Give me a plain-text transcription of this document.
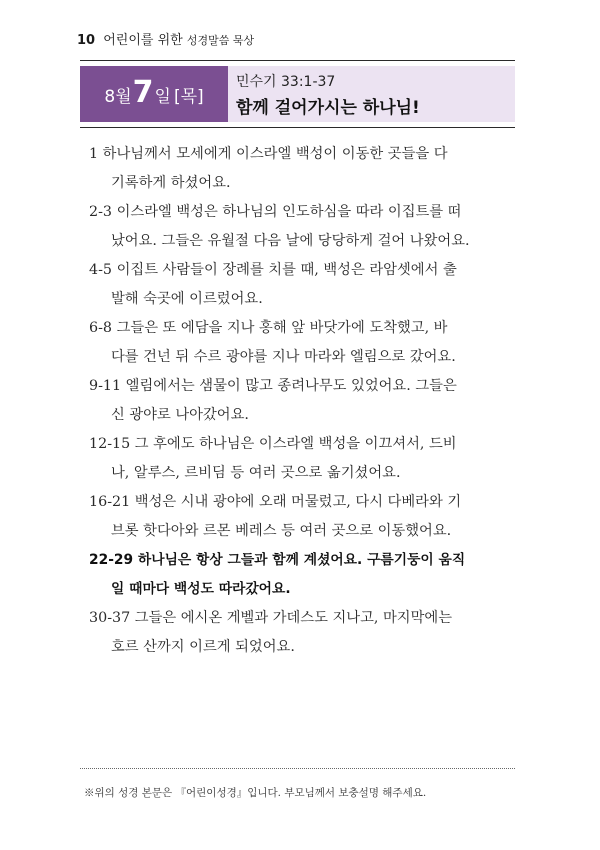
10 어린이를 위한 성경말씀 묵상
8월 7 일 [목]
민수기 33:1-37
함께 걸어가시는 하나님!
1 하나님께서 모세에게 이스라엘 백성이 이동한 곳들을 다
기록하게 하셨어요.
2-3 이스라엘 백성은 하나님의 인도하심을 따라 이집트를 떠
났어요. 그들은 유월절 다음 날에 당당하게 걸어 나왔어요.
4-5 이집트 사람들이 장례를 치를 때, 백성은 라암셋에서 출
발해 숙곳에 이르렀어요.
6-8 그들은 또 에담을 지나 홍해 앞 바닷가에 도착했고, 바
다를 건넌 뒤 수르 광야를 지나 마라와 엘림으로 갔어요.
9-11 엘림에서는 샘물이 많고 종려나무도 있었어요. 그들은
신 광야로 나아갔어요.
12-15 그 후에도 하나님은 이스라엘 백성을 이끄셔서, 드비
나, 알루스, 르비딤 등 여러 곳으로 옮기셨어요.
16-21 백성은 시내 광야에 오래 머물렀고, 다시 다베라와 기
브롯 핫다아와 르몬 베레스 등 여러 곳으로 이동했어요.
22-29 하나님은 항상 그들과 함께 계셨어요. 구름기둥이 움직
일 때마다 백성도 따라갔어요.
30-37 그들은 에시온 게벨과 가데스도 지나고, 마지막에는
호르 산까지 이르게 되었어요.
※위의 성경 본문은 『어린이성경』입니다. 부모님께서 보충설명 해주세요.
